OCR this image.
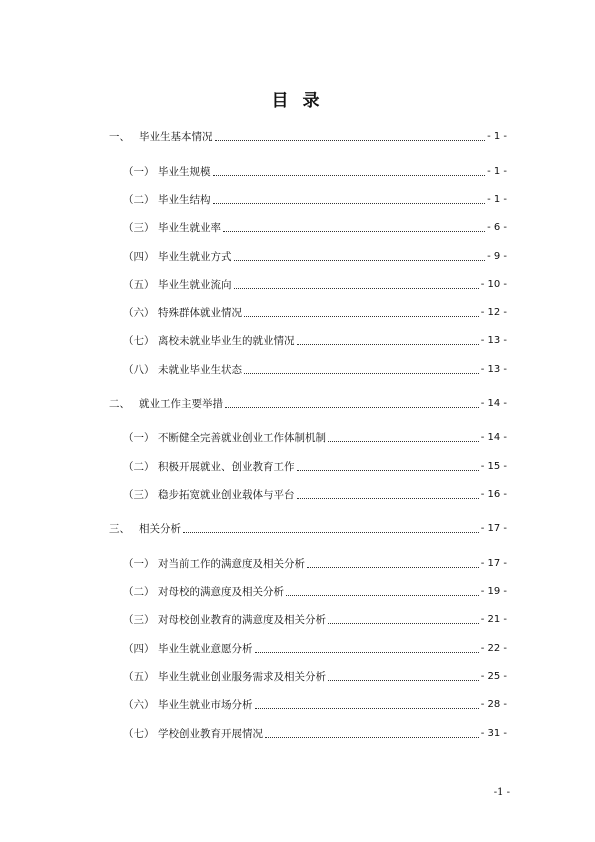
目 录
一、 毕业生基本情况	- 1 -
（一） 毕业生规模	- 1 -
（二） 毕业生结构	- 1 -
（三） 毕业生就业率	- 6 -
（四） 毕业生就业方式	- 9 -
（五） 毕业生就业流向	- 10 -
（六） 特殊群体就业情况	- 12 -
（七） 离校未就业毕业生的就业情况	- 13 -
（八） 未就业毕业生状态	- 13 -
二、 就业工作主要举措	- 14 -
（一） 不断健全完善就业创业工作体制机制	- 14 -
（二） 积极开展就业、创业教育工作	- 15 -
（三） 稳步拓宽就业创业载体与平台	- 16 -
三、 相关分析	- 17 -
（一） 对当前工作的满意度及相关分析	- 17 -
（二） 对母校的满意度及相关分析	- 19 -
（三） 对母校创业教育的满意度及相关分析	- 21 -
（四） 毕业生就业意愿分析	- 22 -
（五） 毕业生就业创业服务需求及相关分析	- 25 -
（六） 毕业生就业市场分析	- 28 -
（七） 学校创业教育开展情况	- 31 -
-1 -
